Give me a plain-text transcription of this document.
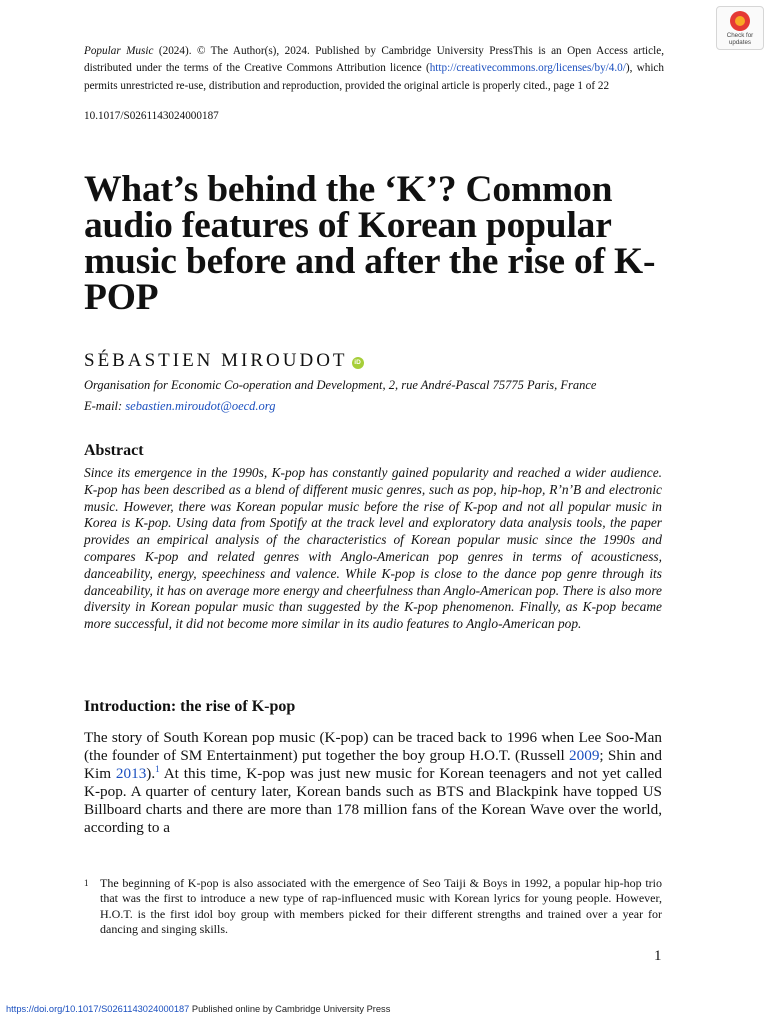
Popular Music (2024). © The Author(s), 2024. Published by Cambridge University PressThis is an Open Access article, distributed under the terms of the Creative Commons Attribution licence (http://creativecommons.org/licenses/by/4.0/), which permits unrestricted re-use, distribution and reproduction, provided the original article is properly cited., page 1 of 22
10.1017/S0261143024000187
Check for
updates
What’s behind the ‘K’? Common audio features of Korean popular music before and after the rise of K-POP
SÉBASTIEN MIROUDOT iD
Organisation for Economic Co-operation and Development, 2, rue André-Pascal 75775 Paris, France
E-mail: sebastien.miroudot@oecd.org
Abstract

Since its emergence in the 1990s, K-pop has constantly gained popularity and reached a wider audience. K-pop has been described as a blend of different music genres, such as pop, hip-hop, R’n’B and electronic music. However, there was Korean popular music before the rise of K-pop and not all popular music in Korea is K-pop. Using data from Spotify at the track level and exploratory data analysis tools, the paper provides an empirical analysis of the characteristics of Korean popular music since the 1990s and compares K-pop and related genres with Anglo-American pop genres in terms of acousticness, danceability, energy, speechiness and valence. While K-pop is close to the dance pop genre through its danceability, it has on average more energy and cheerfulness than Anglo-American pop. There is also more diversity in Korean popular music than suggested by the K-pop phenomenon. Finally, as K-pop became more successful, it did not become more similar in its audio features to Anglo-American pop.

Introduction: the rise of K-pop

The story of South Korean pop music (K-pop) can be traced back to 1996 when Lee Soo-Man (the founder of SM Entertainment) put together the boy group H.O.T. (Russell 2009; Shin and Kim 2013).$^1$ At this time, K-pop was just new music for Korean teenagers and not yet called K-pop. A quarter of century later, Korean bands such as BTS and Blackpink have topped US Billboard charts and there are more than 178 million fans of the Korean Wave over the world, according to a

1 The beginning of K-pop is also associated with the emergence of Seo Taiji & Boys in 1992, a popular hip-hop trio that was the first to introduce a new type of rap-influenced music with Korean lyrics for young people. However, H.O.T. is the first idol boy group with members picked for their different strengths and trained over a year for dancing and singing skills.
1
https://doi.org/10.1017/S0261143024000187 Published online by Cambridge University Press
